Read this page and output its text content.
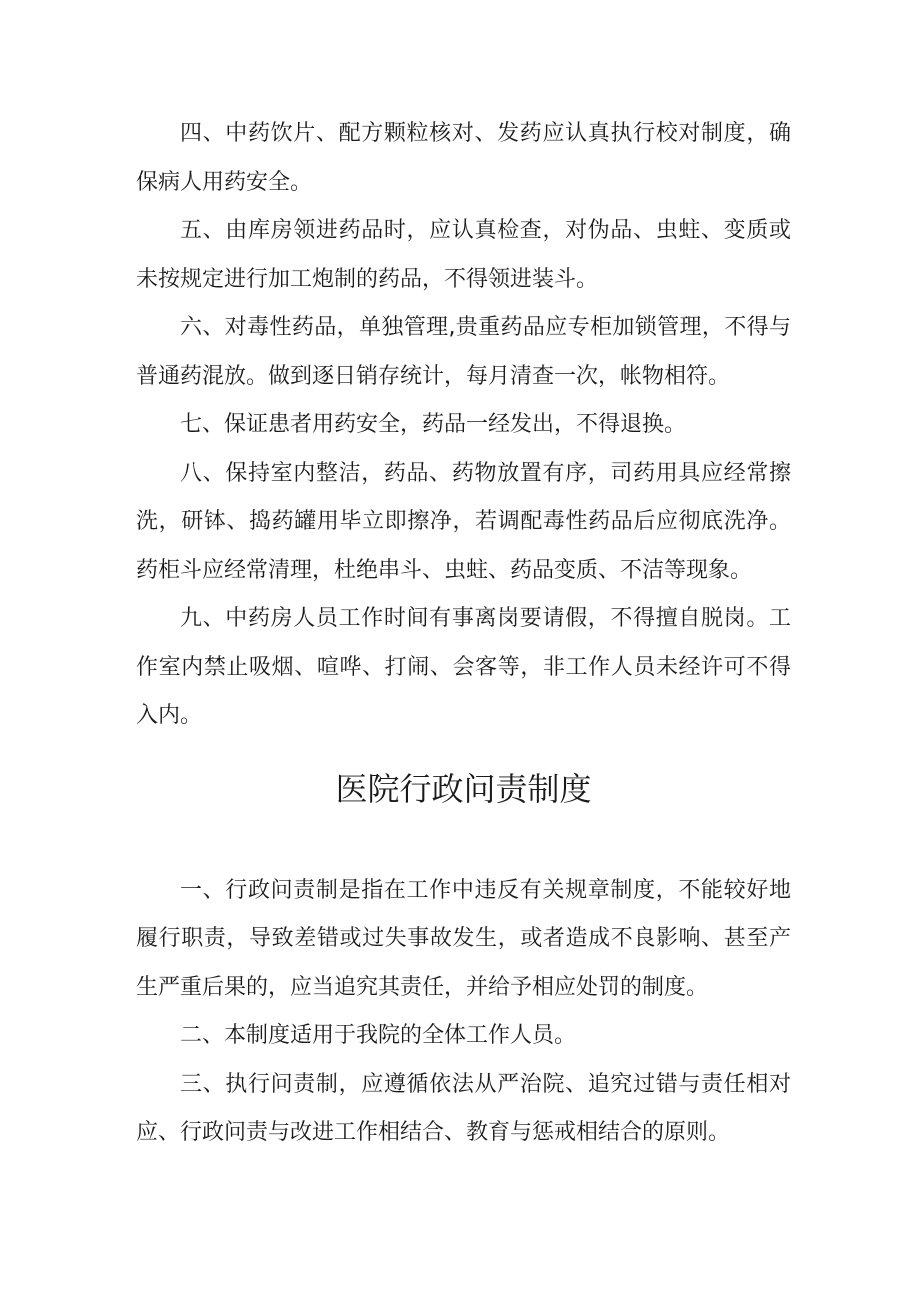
四、中药饮片、配方颗粒核对、发药应认真执行校对制度，确保病人用药安全。

五、由库房领进药品时，应认真检查，对伪品、虫蛀、变质或未按规定进行加工炮制的药品，不得领进装斗。

六、对毒性药品，单独管理,贵重药品应专柜加锁管理，不得与普通药混放。做到逐日销存统计，每月清查一次，帐物相符。

七、保证患者用药安全，药品一经发出，不得退换。

八、保持室内整洁，药品、药物放置有序，司药用具应经常擦洗，研钵、捣药罐用毕立即擦净，若调配毒性药品后应彻底洗净。药柜斗应经常清理，杜绝串斗、虫蛀、药品变质、不洁等现象。

九、中药房人员工作时间有事离岗要请假，不得擅自脱岗。工作室内禁止吸烟、喧哗、打闹、会客等，非工作人员未经许可不得入内。

医院行政问责制度

一、行政问责制是指在工作中违反有关规章制度，不能较好地履行职责，导致差错或过失事故发生，或者造成不良影响、甚至产生严重后果的，应当追究其责任，并给予相应处罚的制度。

二、本制度适用于我院的全体工作人员。

三、执行问责制，应遵循依法从严治院、追究过错与责任相对应、行政问责与改进工作相结合、教育与惩戒相结合的原则。
